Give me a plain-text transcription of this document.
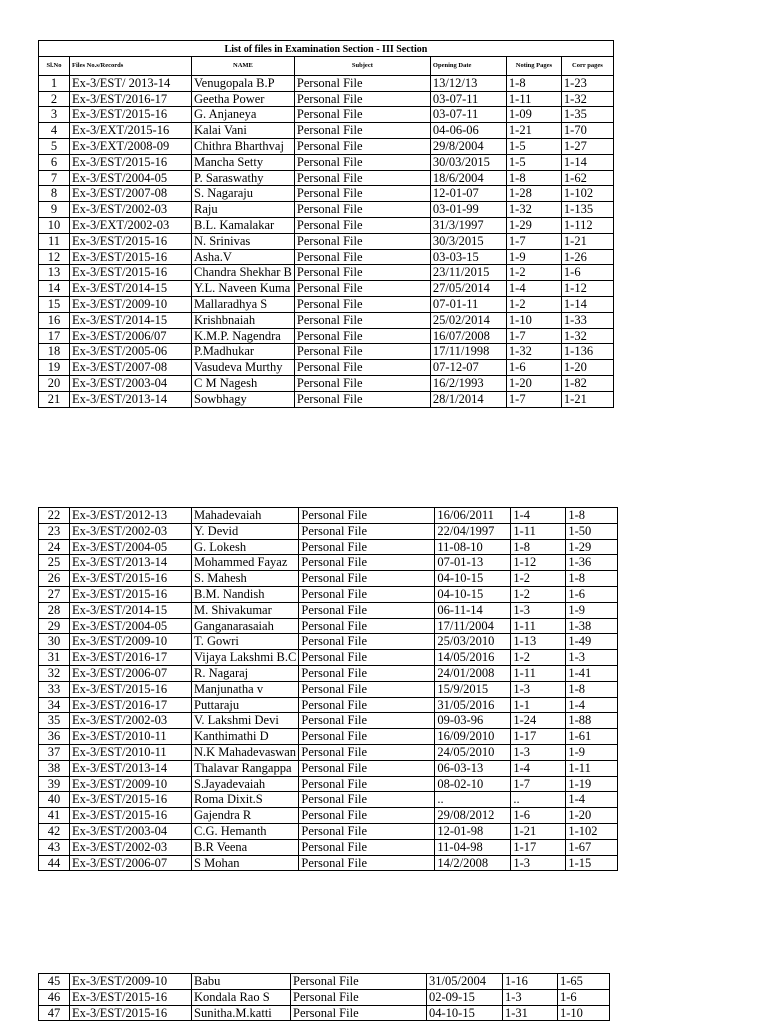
List of files in Examination Section - III Section						
Sl.No	Files No.s/Records	NAME	Subject	Opening Date	Noting Pages	Corr pages
1	Ex-3/EST/ 2013-14	Venugopala B.P	Personal File	13/12/13	1-8	1-23
2	Ex-3/EST/2016-17	Geetha Power	Personal File	03-07-11	1-11	1-32
3	Ex-3/EST/2015-16	G. Anjaneya	Personal File	03-07-11	1-09	1-35
4	Ex-3/EXT/2015-16	Kalai Vani	Personal File	04-06-06	1-21	1-70
5	Ex-3/EXT/2008-09	Chithra Bharthvaj	Personal File	29/8/2004	1-5	1-27
6	Ex-3/EST/2015-16	Mancha Setty	Personal File	30/03/2015	1-5	1-14
7	Ex-3/EST/2004-05	P. Saraswathy	Personal File	18/6/2004	1-8	1-62
8	Ex-3/EST/2007-08	S. Nagaraju	Personal File	12-01-07	1-28	1-102
9	Ex-3/EST/2002-03	Raju	Personal File	03-01-99	1-32	1-135
10	Ex-3/EXT/2002-03	B.L. Kamalakar	Personal File	31/3/1997	1-29	1-112
11	Ex-3/EST/2015-16	N. Srinivas	Personal File	30/3/2015	1-7	1-21
12	Ex-3/EST/2015-16	Asha.V	Personal File	03-03-15	1-9	1-26
13	Ex-3/EST/2015-16	Chandra Shekhar B	Personal File	23/11/2015	1-2	1-6
14	Ex-3/EST/2014-15	Y.L. Naveen Kuma	Personal File	27/05/2014	1-4	1-12
15	Ex-3/EST/2009-10	Mallaradhya S	Personal File	07-01-11	1-2	1-14
16	Ex-3/EST/2014-15	Krishbnaiah	Personal File	25/02/2014	1-10	1-33
17	Ex-3/EST/2006/07	K.M.P. Nagendra	Personal File	16/07/2008	1-7	1-32
18	Ex-3/EST/2005-06	P.Madhukar	Personal File	17/11/1998	1-32	1-136
19	Ex-3/EST/2007-08	Vasudeva Murthy	Personal File	07-12-07	1-6	1-20
20	Ex-3/EST/2003-04	C M Nagesh	Personal File	16/2/1993	1-20	1-82
21	Ex-3/EST/2013-14	Sowbhagy	Personal File	28/1/2014	1-7	1-21
22	Ex-3/EST/2012-13	Mahadevaiah	Personal File	16/06/2011	1-4	1-8
23	Ex-3/EST/2002-03	Y. Devid	Personal File	22/04/1997	1-11	1-50
24	Ex-3/EST/2004-05	G. Lokesh	Personal File	11-08-10	1-8	1-29
25	Ex-3/EST/2013-14	Mohammed Fayaz	Personal File	07-01-13	1-12	1-36
26	Ex-3/EST/2015-16	S. Mahesh	Personal File	04-10-15	1-2	1-8
27	Ex-3/EST/2015-16	B.M. Nandish	Personal File	04-10-15	1-2	1-6
28	Ex-3/EST/2014-15	M. Shivakumar	Personal File	06-11-14	1-3	1-9
29	Ex-3/EST/2004-05	Ganganarasaiah	Personal File	17/11/2004	1-11	1-38
30	Ex-3/EST/2009-10	T. Gowri	Personal File	25/03/2010	1-13	1-49
31	Ex-3/EST/2016-17	Vijaya Lakshmi B.C	Personal File	14/05/2016	1-2	1-3
32	Ex-3/EST/2006-07	R. Nagaraj	Personal File	24/01/2008	1-11	1-41
33	Ex-3/EST/2015-16	Manjunatha v	Personal File	15/9/2015	1-3	1-8
34	Ex-3/EST/2016-17	Puttaraju	Personal File	31/05/2016	1-1	1-4
35	Ex-3/EST/2002-03	V. Lakshmi Devi	Personal File	09-03-96	1-24	1-88
36	Ex-3/EST/2010-11	Kanthimathi D	Personal File	16/09/2010	1-17	1-61
37	Ex-3/EST/2010-11	N.K Mahadevaswan	Personal File	24/05/2010	1-3	1-9
38	Ex-3/EST/2013-14	Thalavar Rangappa	Personal File	06-03-13	1-4	1-11
39	Ex-3/EST/2009-10	S.Jayadevaiah	Personal File	08-02-10	1-7	1-19
40	Ex-3/EST/2015-16	Roma Dixit.S	Personal File	..	..	1-4
41	Ex-3/EST/2015-16	Gajendra R	Personal File	29/08/2012	1-6	1-20
42	Ex-3/EST/2003-04	C.G. Hemanth	Personal File	12-01-98	1-21	1-102
43	Ex-3/EST/2002-03	B.R Veena	Personal File	11-04-98	1-17	1-67
44	Ex-3/EST/2006-07	S Mohan	Personal File	14/2/2008	1-3	1-15
45	Ex-3/EST/2009-10	Babu	Personal File	31/05/2004	1-16	1-65
46	Ex-3/EST/2015-16	Kondala Rao S	Personal File	02-09-15	1-3	1-6
47	Ex-3/EST/2015-16	Sunitha.M.katti	Personal File	04-10-15	1-31	1-10
